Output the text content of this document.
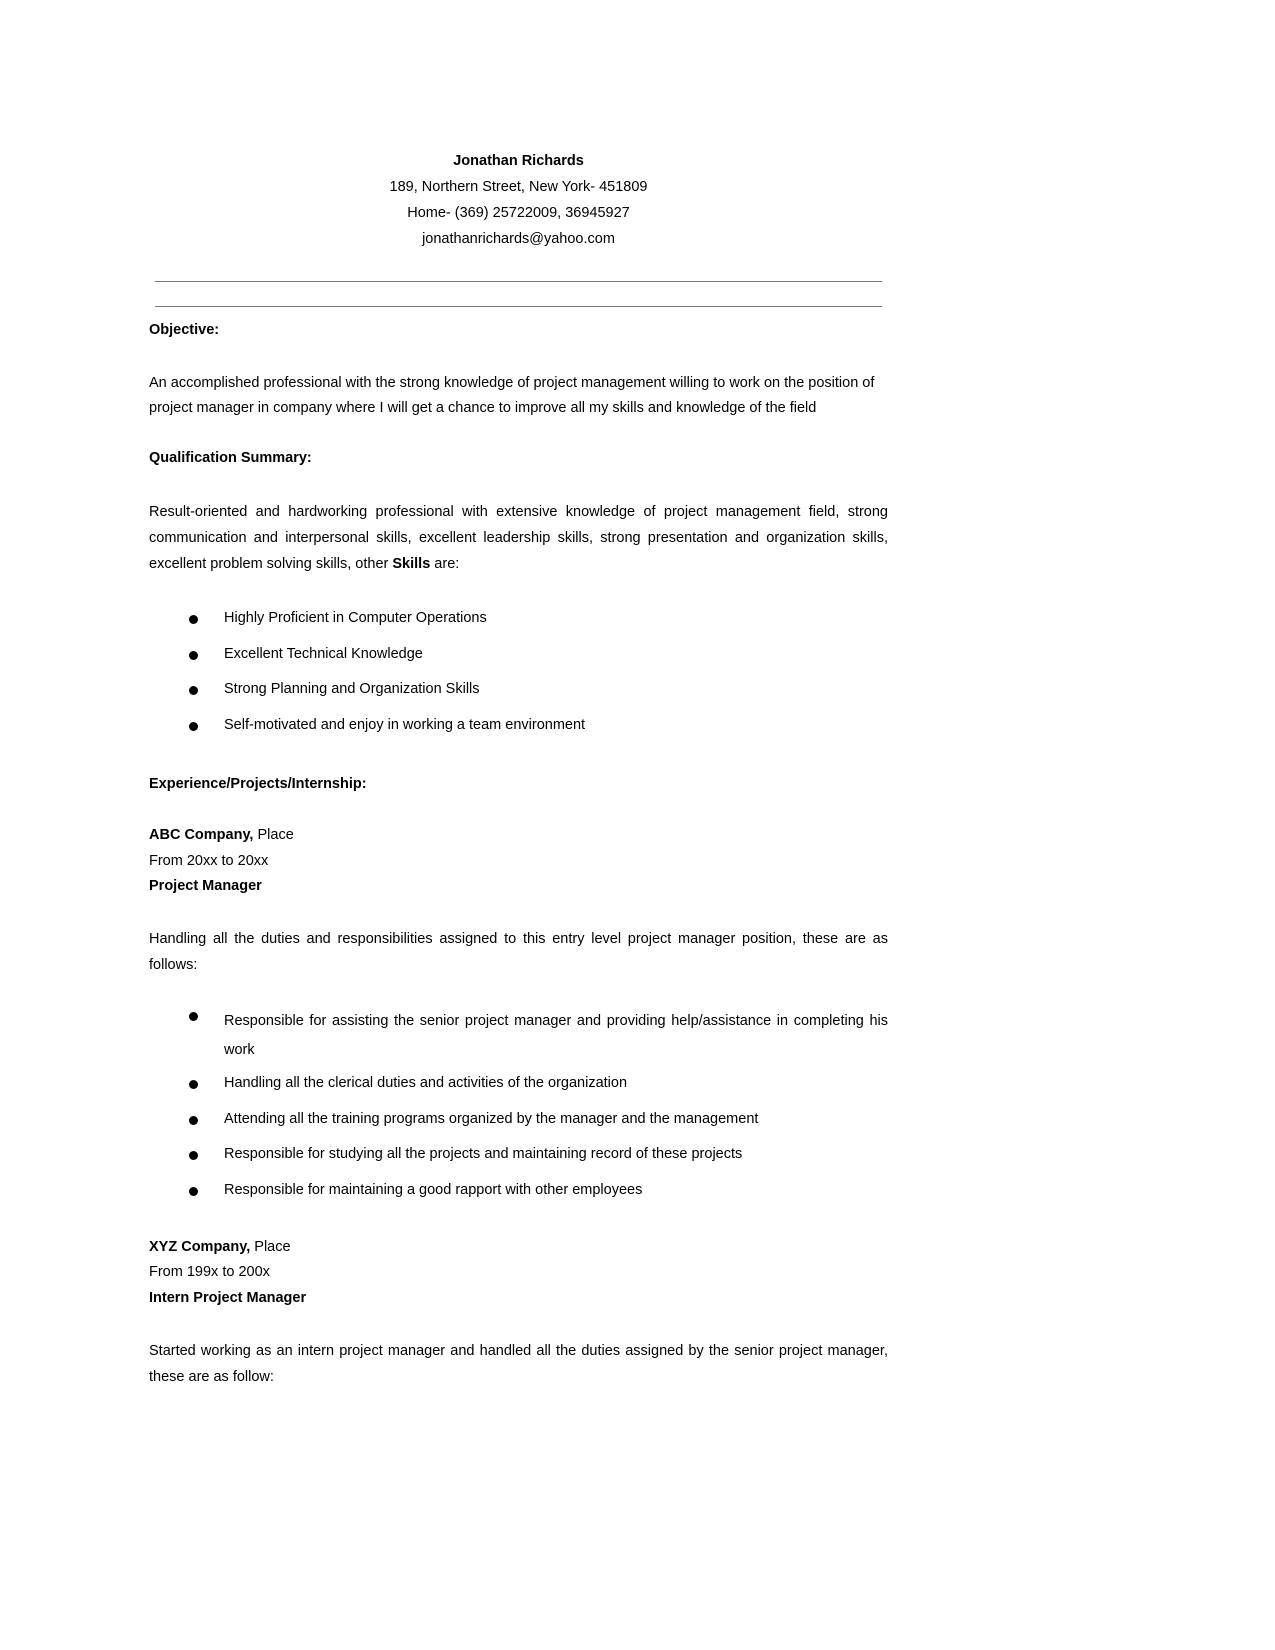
Jonathan Richards
189, Northern Street, New York- 451809
Home- (369) 25722009, 36945927
jonathanrichards@yahoo.com
Objective:
An accomplished professional with the strong knowledge of project management willing to work on the position of project manager in company where I will get a chance to improve all my skills and knowledge of the field
Qualification Summary:
Result-oriented and hardworking professional with extensive knowledge of project management field, strong communication and interpersonal skills, excellent leadership skills, strong presentation and organization skills, excellent problem solving skills, other Skills are:
Highly Proficient in Computer Operations
Excellent Technical Knowledge
Strong Planning and Organization Skills
Self-motivated and enjoy in working a team environment
Experience/Projects/Internship:
ABC Company, Place
From 20xx to 20xx
Project Manager
Handling all the duties and responsibilities assigned to this entry level project manager position, these are as follows:
Responsible for assisting the senior project manager and providing help/assistance in completing his work
Handling all the clerical duties and activities of the organization
Attending all the training programs organized by the manager and the management
Responsible for studying all the projects and maintaining record of these projects
Responsible for maintaining a good rapport with other employees
XYZ Company, Place
From 199x to 200x
Intern Project Manager
Started working as an intern project manager and handled all the duties assigned by the senior project manager, these are as follow:
